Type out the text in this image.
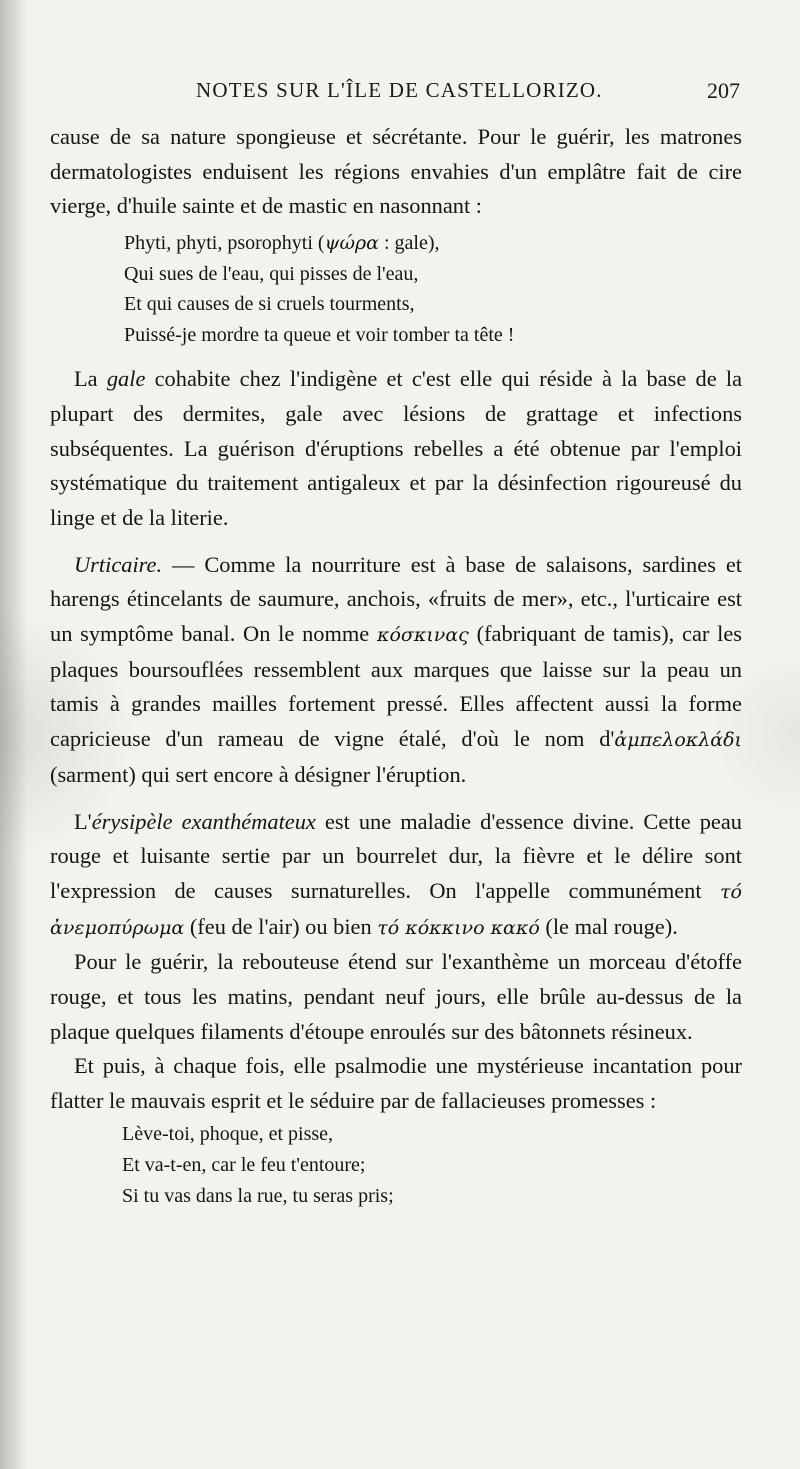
NOTES SUR L'ÎLE DE CASTELLORIZO.	207

cause de sa nature spongieuse et sécrétante. Pour le guérir, les matrones dermatologistes enduisent les régions envahies d'un emplâtre fait de cire vierge, d'huile sainte et de mastic en nasonnant :

Phyti, phyti, psorophyti (ψώρα : gale),
Qui sues de l'eau, qui pisses de l'eau,
Et qui causes de si cruels tourments,
Puissé-je mordre ta queue et voir tomber ta tête !

La gale cohabite chez l'indigène et c'est elle qui réside à la base de la plupart des dermites, gale avec lésions de grattage et infections subséquentes. La guérison d'éruptions rebelles a été obtenue par l'emploi systématique du traitement antigaleux et par la désinfection rigoureusé du linge et de la literie.

Urticaire. — Comme la nourriture est à base de salaisons, sardines et harengs étincelants de saumure, anchois, «fruits de mer», etc., l'urticaire est un symptôme banal. On le nomme κόσκινας (fabriquant de tamis), car les plaques boursouflées ressemblent aux marques que laisse sur la peau un tamis à grandes mailles fortement pressé. Elles affectent aussi la forme capricieuse d'un rameau de vigne étalé, d'où le nom d'ἀμπελοκλάδι (sarment) qui sert encore à désigner l'éruption.

L'érysipèle exanthémateux est une maladie d'essence divine. Cette peau rouge et luisante sertie par un bourrelet dur, la fièvre et le délire sont l'expression de causes surnaturelles. On l'appelle communément τό ἀνεμοπύρωμα (feu de l'air) ou bien τό κόκκινο κακό (le mal rouge).

Pour le guérir, la rebouteuse étend sur l'exanthème un morceau d'étoffe rouge, et tous les matins, pendant neuf jours, elle brûle au-dessus de la plaque quelques filaments d'étoupe enroulés sur des bâtonnets résineux.

Et puis, à chaque fois, elle psalmodie une mystérieuse incantation pour flatter le mauvais esprit et le séduire par de fallacieuses promesses :

Lève-toi, phoque, et pisse,
Et va-t-en, car le feu t'entoure;
Si tu vas dans la rue, tu seras pris;
